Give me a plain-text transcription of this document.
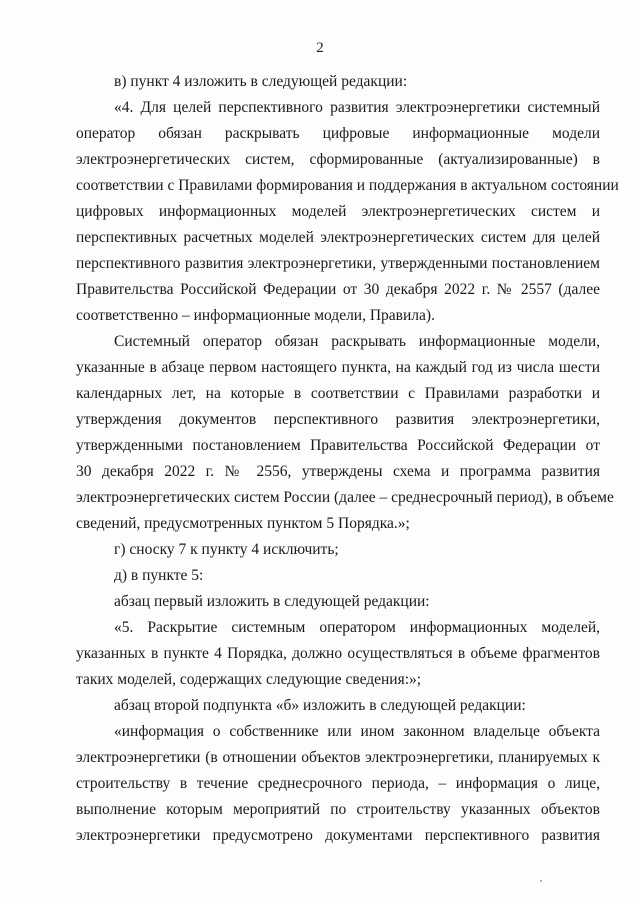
2
в) пункт 4 изложить в следующей редакции:
«4. Для целей перспективного развития электроэнергетики системный
оператор обязан раскрывать цифровые информационные модели
электроэнергетических систем, сформированные (актуализированные) в
соответствии с Правилами формирования и поддержания в актуальном состоянии
цифровых информационных моделей электроэнергетических систем и
перспективных расчетных моделей электроэнергетических систем для целей
перспективного развития электроэнергетики, утвержденными постановлением
Правительства Российской Федерации от 30 декабря 2022 г. № 2557 (далее
соответственно – информационные модели, Правила).
Системный оператор обязан раскрывать информационные модели,
указанные в абзаце первом настоящего пункта, на каждый год из числа шести
календарных лет, на которые в соответствии с Правилами разработки и
утверждения документов перспективного развития электроэнергетики,
утвержденными постановлением Правительства Российской Федерации от
30 декабря 2022 г. № 2556, утверждены схема и программа развития
электроэнергетических систем России (далее – среднесрочный период), в объеме
сведений, предусмотренных пунктом 5 Порядка.»;
г) сноску 7 к пункту 4 исключить;
д) в пункте 5:
абзац первый изложить в следующей редакции:
«5. Раскрытие системным оператором информационных моделей,
указанных в пункте 4 Порядка, должно осуществляться в объеме фрагментов
таких моделей, содержащих следующие сведения:»;
абзац второй подпункта «б» изложить в следующей редакции:
«информация о собственнике или ином законном владельце объекта
электроэнергетики (в отношении объектов электроэнергетики, планируемых к
строительству в течение среднесрочного периода, – информация о лице,
выполнение которым мероприятий по строительству указанных объектов
электроэнергетики предусмотрено документами перспективного развития
